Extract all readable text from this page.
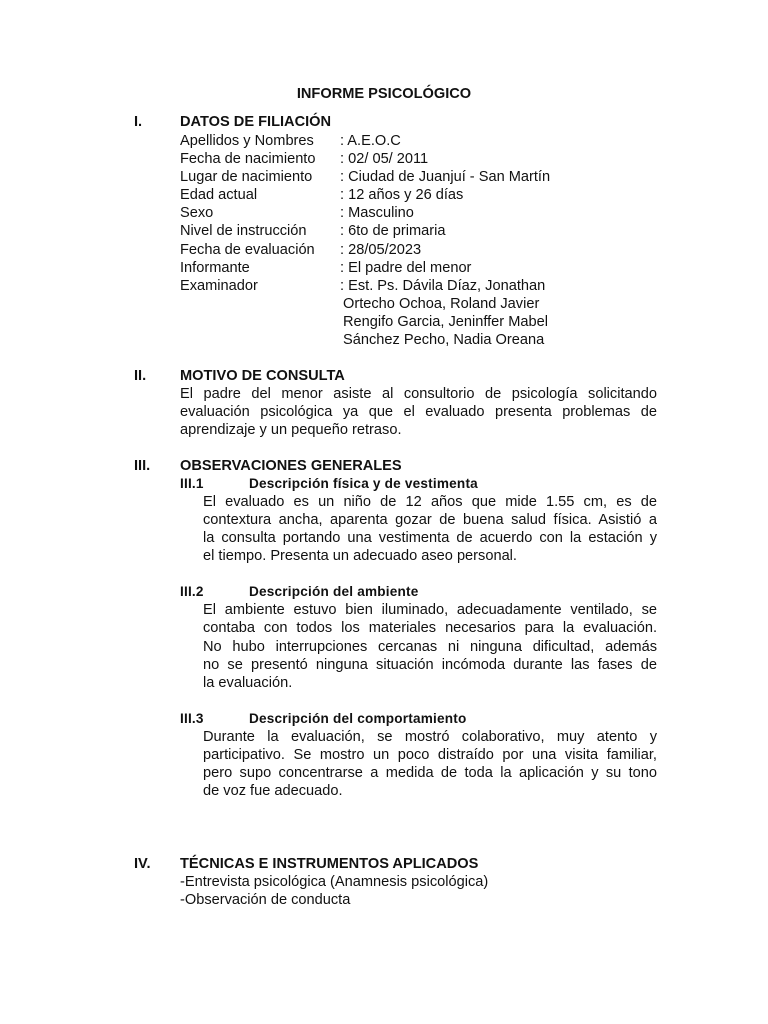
INFORME PSICOLÓGICO
I.	DATOS DE FILIACIÓN
Apellidos y Nombres	: A.E.O.C
Fecha de nacimiento	: 02/ 05/ 2011
Lugar de nacimiento	: Ciudad de Juanjuí - San Martín
Edad actual	: 12 años y 26 días
Sexo	: Masculino
Nivel de instrucción	: 6to de primaria
Fecha de evaluación	: 28/05/2023
Informante	: El padre del menor
Examinador	: Est. Ps. Dávila Díaz, Jonathan
Ortecho Ochoa, Roland Javier
Rengifo Garcia, Jeninffer Mabel
Sánchez Pecho, Nadia Oreana
II. MOTIVO DE CONSULTA
El padre del menor asiste al consultorio de psicología solicitando
evaluación psicológica ya que el evaluado presenta problemas de
aprendizaje y un pequeño retraso.
III. OBSERVACIONES GENERALES
III.1	Descripción física y de vestimenta
El evaluado es un niño de 12 años que mide 1.55 cm, es de
contextura ancha, aparenta gozar de buena salud física. Asistió a
la consulta portando una vestimenta de acuerdo con la estación y
el tiempo. Presenta un adecuado aseo personal.
III.2	Descripción del ambiente
El ambiente estuvo bien iluminado, adecuadamente ventilado, se
contaba con todos los materiales necesarios para la evaluación.
No hubo interrupciones cercanas ni ninguna dificultad, además
no se presentó ninguna situación incómoda durante las fases de
la evaluación.
III.3	Descripción del comportamiento
Durante la evaluación, se mostró colaborativo, muy atento y
participativo. Se mostro un poco distraído por una visita familiar,
pero supo concentrarse a medida de toda la aplicación y su tono
de voz fue adecuado.
IV. TÉCNICAS E INSTRUMENTOS APLICADOS
-Entrevista psicológica (Anamnesis psicológica)
-Observación de conducta
